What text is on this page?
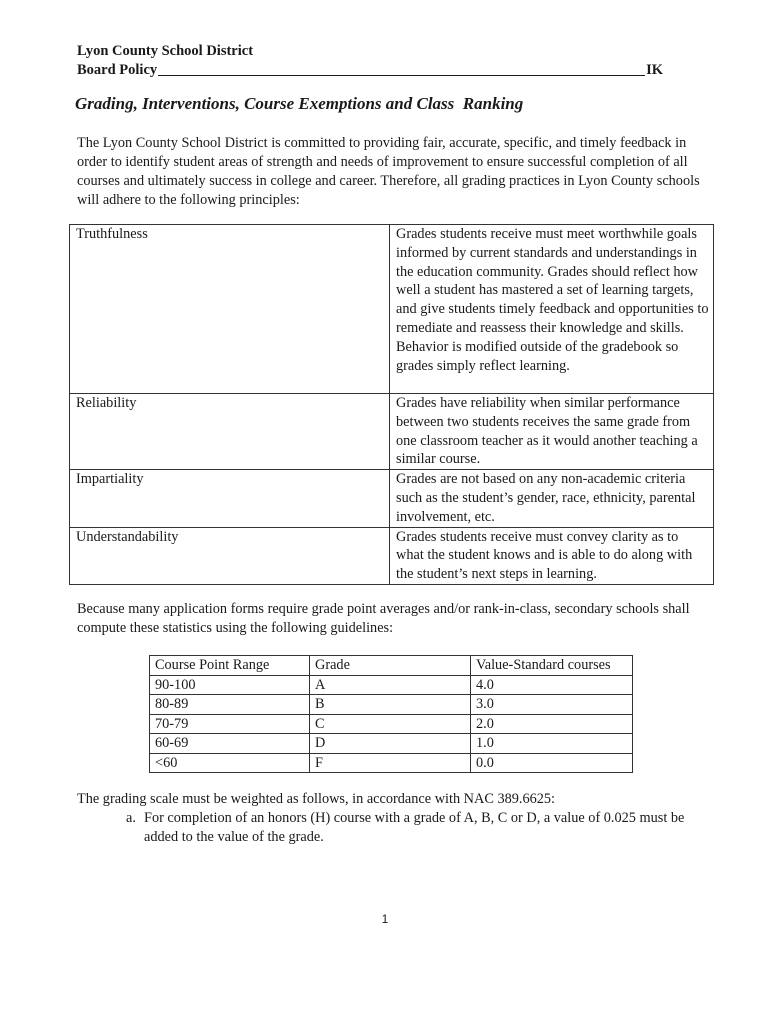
Lyon County School District
Board Policy	IK
Grading, Interventions, Course Exemptions and Class  Ranking
The Lyon County School District is committed to providing fair, accurate, specific, and timely feedback in order to identify student areas of strength and needs of improvement to ensure successful completion of all courses and ultimately success in college and career. Therefore, all grading practices in Lyon County schools will adhere to the following principles:
Truthfulness	Grades students receive must meet worthwhile goals informed by current standards and understandings in the education community. Grades should reflect how well a student has mastered a set of learning targets, and give students timely feedback and opportunities to remediate and reassess their knowledge and skills. Behavior is modified outside of the gradebook so grades simply reflect learning.
Reliability	Grades have reliability when similar performance between two students receives the same grade from one classroom teacher as it would another teaching a similar course.
Impartiality	Grades are not based on any non-academic criteria such as the student’s gender, race, ethnicity, parental involvement, etc.
Understandability	Grades students receive must convey clarity as to what the student knows and is able to do along with the student’s next steps in learning.
Because many application forms require grade point averages and/or rank-in-class, secondary schools shall compute these statistics using the following guidelines:
Course Point Range	Grade	Value-Standard courses
90-100	A	4.0
80-89	B	3.0
70-79	C	2.0
60-69	D	1.0
<60	F	0.0
The grading scale must be weighted as follows, in accordance with NAC 389.6625:
a. For completion of an honors (H) course with a grade of A, B, C or D, a value of 0.025 must be added to the value of the grade.
1
